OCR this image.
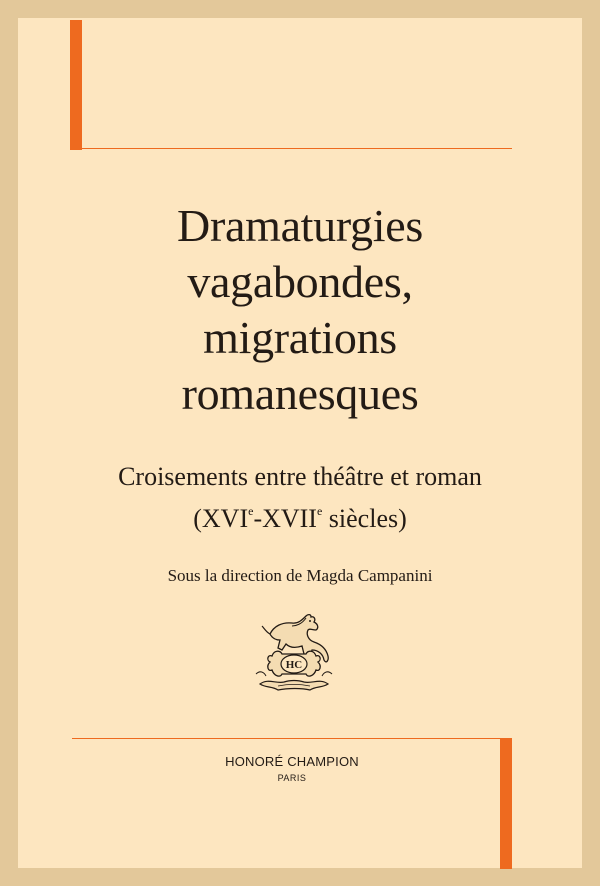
Dramaturgies
vagabondes,
migrations
romanesques
Croisements entre théâtre et roman
(XVIe-XVIIe siècles)
Sous la direction de Magda Campanini
HC
HONORÉ CHAMPION
PARIS
